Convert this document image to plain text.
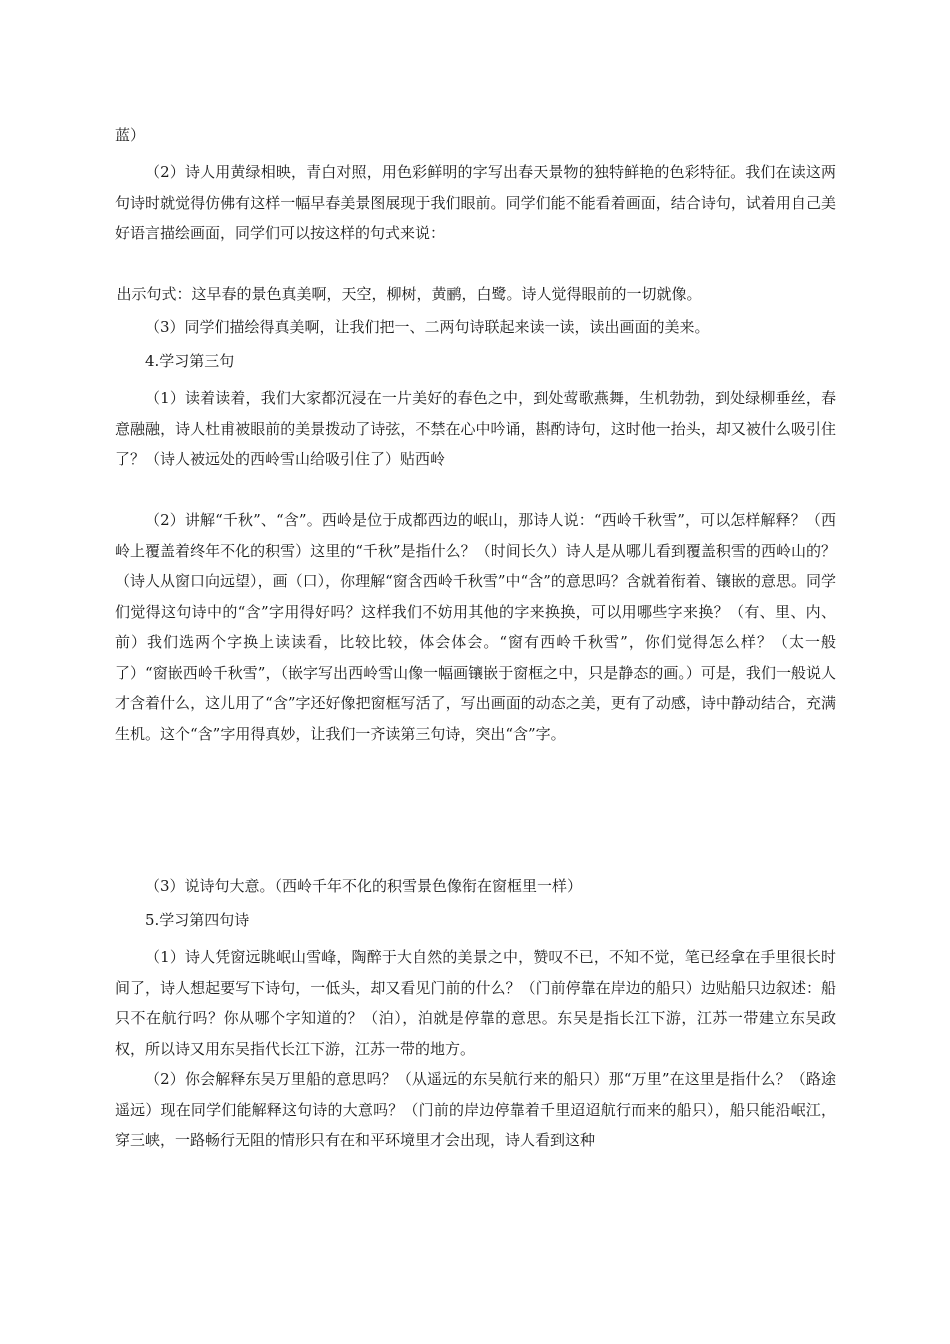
蓝）

（2）诗人用黄绿相映，青白对照，用色彩鲜明的字写出春天景物的独特鲜艳的色彩特征。我们在读这两句诗时就觉得仿佛有这样一幅早春美景图展现于我们眼前。同学们能不能看着画面，结合诗句，试着用自己美好语言描绘画面，同学们可以按这样的句式来说：

出示句式：这早春的景色真美啊，天空，柳树，黄鹂，白鹭。诗人觉得眼前的一切就像。

（3）同学们描绘得真美啊，让我们把一、二两句诗联起来读一读，读出画面的美来。

4.学习第三句

（1）读着读着，我们大家都沉浸在一片美好的春色之中，到处莺歌燕舞，生机勃勃，到处绿柳垂丝，春意融融，诗人杜甫被眼前的美景拨动了诗弦，不禁在心中吟诵，斟酌诗句，这时他一抬头，却又被什么吸引住了？（诗人被远处的西岭雪山给吸引住了）贴西岭

（2）讲解“千秋”、“含”。西岭是位于成都西边的岷山，那诗人说：“西岭千秋雪”，可以怎样解释？（西岭上覆盖着终年不化的积雪）这里的“千秋”是指什么？（时间长久）诗人是从哪儿看到覆盖积雪的西岭山的？（诗人从窗口向远望），画（口），你理解“窗含西岭千秋雪”中“含”的意思吗？含就着衔着、镶嵌的意思。同学们觉得这句诗中的“含”字用得好吗？这样我们不妨用其他的字来换换，可以用哪些字来换？（有、里、内、前）我们选两个字换上读读看，比较比较，体会体会。“窗有西岭千秋雪”，你们觉得怎么样？（太一般了）“窗嵌西岭千秋雪”，（嵌字写出西岭雪山像一幅画镶嵌于窗框之中，只是静态的画。）可是，我们一般说人才含着什么，这儿用了“含”字还好像把窗框写活了，写出画面的动态之美，更有了动感，诗中静动结合，充满生机。这个“含”字用得真妙，让我们一齐读第三句诗，突出“含”字。

（3）说诗句大意。（西岭千年不化的积雪景色像衔在窗框里一样）

5.学习第四句诗

（1）诗人凭窗远眺岷山雪峰，陶醉于大自然的美景之中，赞叹不已，不知不觉，笔已经拿在手里很长时间了，诗人想起要写下诗句，一低头，却又看见门前的什么？（门前停靠在岸边的船只）边贴船只边叙述：船只不在航行吗？你从哪个字知道的？（泊），泊就是停靠的意思。东吴是指长江下游，江苏一带建立东吴政权，所以诗又用东吴指代长江下游，江苏一带的地方。

（2）你会解释东吴万里船的意思吗？（从遥远的东吴航行来的船只）那“万里”在这里是指什么？（路途遥远）现在同学们能解释这句诗的大意吗？（门前的岸边停靠着千里迢迢航行而来的船只），船只能沿岷江，穿三峡，一路畅行无阻的情形只有在和平环境里才会出现，诗人看到这种
